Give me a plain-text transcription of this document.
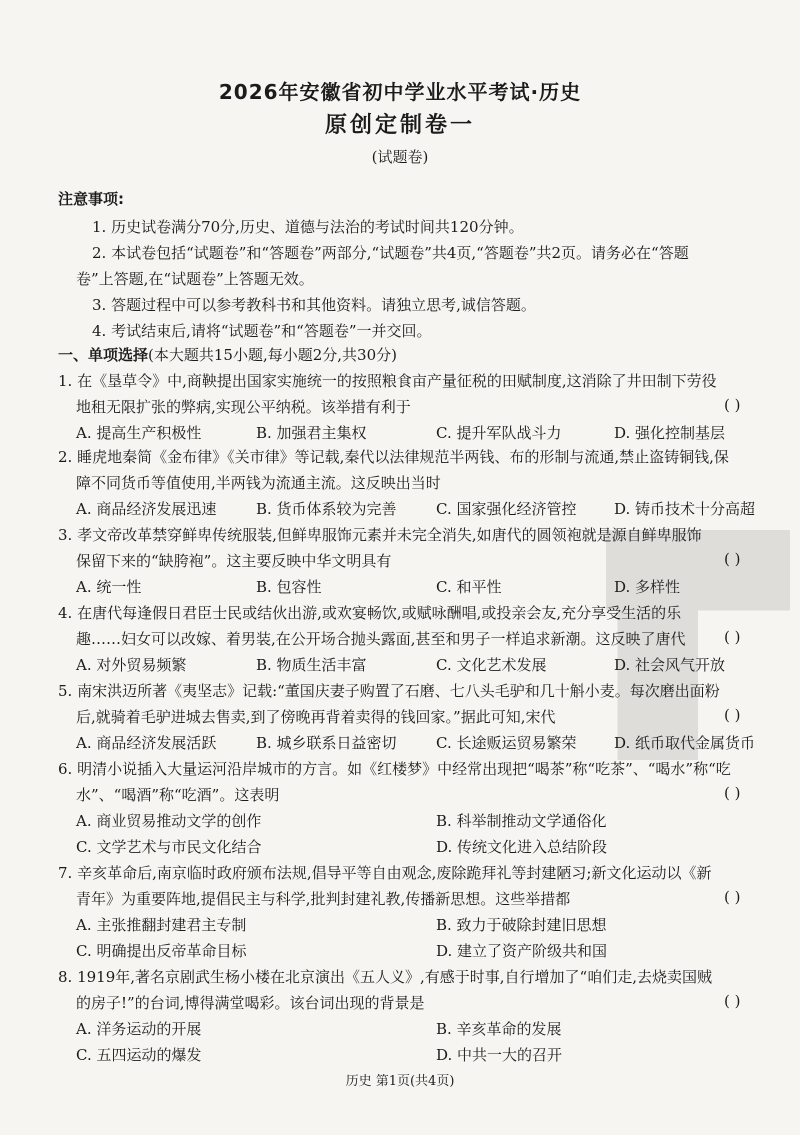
2026年安徽省初中学业水平考试·历史
原创定制卷一
(试题卷)
注意事项:
1. 历史试卷满分70分,历史、道德与法治的考试时间共120分钟。
2. 本试卷包括“试题卷”和“答题卷”两部分,“试题卷”共4页,“答题卷”共2页。请务必在“答题
卷”上答题,在“试题卷”上答题无效。
3. 答题过程中可以参考教科书和其他资料。请独立思考,诚信答题。
4. 考试结束后,请将“试题卷”和“答题卷”一并交回。
一、单项选择(本大题共15小题,每小题2分,共30分)
1. 在《垦草令》中,商鞅提出国家实施统一的按照粮食亩产量征税的田赋制度,这消除了井田制下劳役
地租无限扩张的弊病,实现公平纳税。该举措有利于	( )
A. 提高生产积极性	B. 加强君主集权	C. 提升军队战斗力	D. 强化控制基层
2. 睡虎地秦简《金布律》《关市律》等记载,秦代以法律规范半两钱、布的形制与流通,禁止盗铸铜钱,保
障不同货币等值使用,半两钱为流通主流。这反映出当时
A. 商品经济发展迅速	B. 货币体系较为完善	C. 国家强化经济管控	D. 铸币技术十分高超
3. 孝文帝改革禁穿鲜卑传统服装,但鲜卑服饰元素并未完全消失,如唐代的圆领袍就是源自鲜卑服饰
保留下来的“缺胯袍”。这主要反映中华文明具有	( )
A. 统一性	B. 包容性	C. 和平性	D. 多样性
4. 在唐代每逢假日君臣士民或结伙出游,或欢宴畅饮,或赋咏酬唱,或投亲会友,充分享受生活的乐
趣……妇女可以改嫁、着男装,在公开场合抛头露面,甚至和男子一样追求新潮。这反映了唐代	( )
A. 对外贸易频繁	B. 物质生活丰富	C. 文化艺术发展	D. 社会风气开放
5. 南宋洪迈所著《夷坚志》记载:“董国庆妻子购置了石磨、七八头毛驴和几十斛小麦。每次磨出面粉
后,就骑着毛驴进城去售卖,到了傍晚再背着卖得的钱回家。”据此可知,宋代	( )
A. 商品经济发展活跃	B. 城乡联系日益密切	C. 长途贩运贸易繁荣	D. 纸币取代金属货币
6. 明清小说插入大量运河沿岸城市的方言。如《红楼梦》中经常出现把“喝茶”称“吃茶”、“喝水”称“吃
水”、“喝酒”称“吃酒”。这表明	( )
A. 商业贸易推动文学的创作	B. 科举制推动文学通俗化
C. 文学艺术与市民文化结合	D. 传统文化进入总结阶段
7. 辛亥革命后,南京临时政府颁布法规,倡导平等自由观念,废除跪拜礼等封建陋习;新文化运动以《新
青年》为重要阵地,提倡民主与科学,批判封建礼教,传播新思想。这些举措都	( )
A. 主张推翻封建君主专制	B. 致力于破除封建旧思想
C. 明确提出反帝革命目标	D. 建立了资产阶级共和国
8. 1919年,著名京剧武生杨小楼在北京演出《五人义》,有感于时事,自行增加了“咱们走,去烧卖国贼
的房子!”的台词,博得满堂喝彩。该台词出现的背景是	( )
A. 洋务运动的开展	B. 辛亥革命的发展
C. 五四运动的爆发	D. 中共一大的召开
历史 第1页(共4页)
